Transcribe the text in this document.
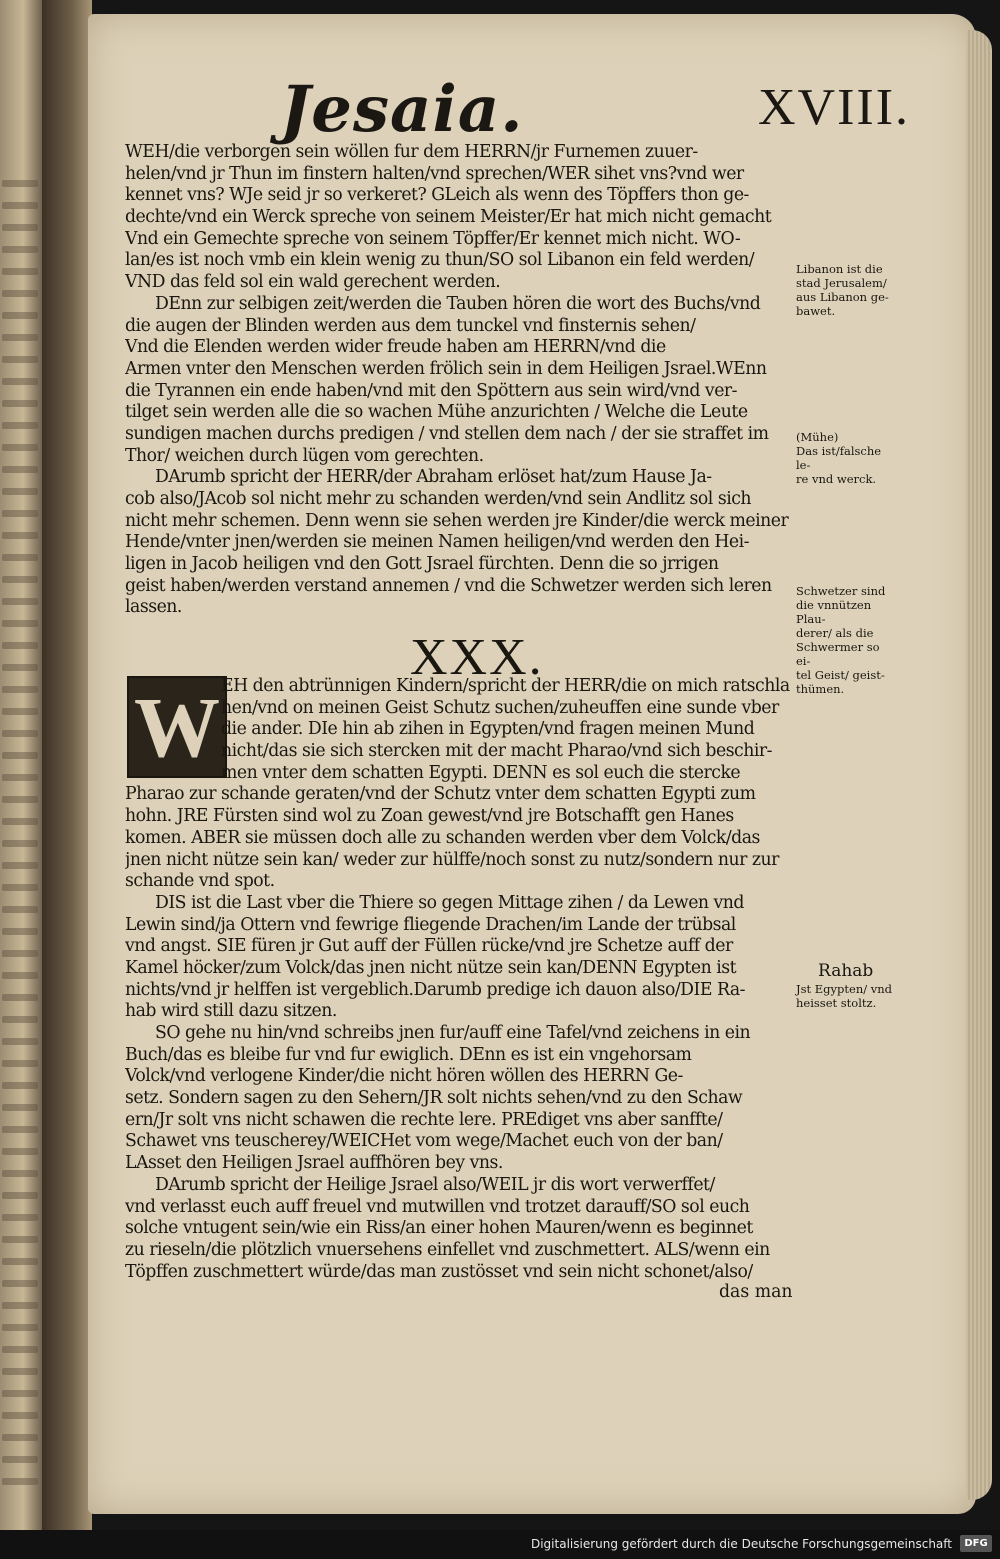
Jesaia.	XVIII.
WEH/die verborgen sein wöllen fur dem HERRN/jr Furnemen zuuer-
helen/vnd jr Thun im finstern halten/vnd sprechen/WER sihet vns?vnd wer
kennet vns? WJe seid jr so verkeret? GLeich als wenn des Töpffers thon ge-
dechte/vnd ein Werck spreche von seinem Meister/Er hat mich nicht gemacht
Vnd ein Gemechte spreche von seinem Töpffer/Er kennet mich nicht. WO-
lan/es ist noch vmb ein klein wenig zu thun/SO sol Libanon ein feld werden/
VND das feld sol ein wald gerechent werden.
DEnn zur selbigen zeit/werden die Tauben hören die wort des Buchs/vnd
die augen der Blinden werden aus dem tunckel vnd finsternis sehen/
Vnd die Elenden werden wider freude haben am HERRN/vnd die
Armen vnter den Menschen werden frölich sein in dem Heiligen Jsrael.WEnn
die Tyrannen ein ende haben/vnd mit den Spöttern aus sein wird/vnd ver-
tilget sein werden alle die so wachen Mühe anzurichten / Welche die Leute
sundigen machen durchs predigen / vnd stellen dem nach / der sie straffet im
Thor/ weichen durch lügen vom gerechten.
DArumb spricht der HERR/der Abraham erlöset hat/zum Hause Ja-
cob also/JAcob sol nicht mehr zu schanden werden/vnd sein Andlitz sol sich
nicht mehr schemen. Denn wenn sie sehen werden jre Kinder/die werck meiner
Hende/vnter jnen/werden sie meinen Namen heiligen/vnd werden den Hei-
ligen in Jacob heiligen vnd den Gott Jsrael fürchten. Denn die so jrrigen
geist haben/werden verstand annemen / vnd die Schwetzer werden sich leren
lassen.
XXX.
W EH den abtrünnigen Kindern/spricht der HERR/die on mich ratschla
hen/vnd on meinen Geist Schutz suchen/zuheuffen eine sunde vber
die ander. DIe hin ab zihen in Egypten/vnd fragen meinen Mund
nicht/das sie sich stercken mit der macht Pharao/vnd sich beschir-
men vnter dem schatten Egypti. DENN es sol euch die stercke
Pharao zur schande geraten/vnd der Schutz vnter dem schatten Egypti zum
hohn. JRE Fürsten sind wol zu Zoan gewest/vnd jre Botschafft gen Hanes
komen. ABER sie müssen doch alle zu schanden werden vber dem Volck/das
jnen nicht nütze sein kan/ weder zur hülffe/noch sonst zu nutz/sondern nur zur
schande vnd spot.
DIS ist die Last vber die Thiere so gegen Mittage zihen / da Lewen vnd
Lewin sind/ja Ottern vnd fewrige fliegende Drachen/im Lande der trübsal
vnd angst. SIE füren jr Gut auff der Füllen rücke/vnd jre Schetze auff der
Kamel höcker/zum Volck/das jnen nicht nütze sein kan/DENN Egypten ist
nichts/vnd jr helffen ist vergeblich.Darumb predige ich dauon also/DIE Ra-
hab wird still dazu sitzen.
SO gehe nu hin/vnd schreibs jnen fur/auff eine Tafel/vnd zeichens in ein
Buch/das es bleibe fur vnd fur ewiglich. DEnn es ist ein vngehorsam
Volck/vnd verlogene Kinder/die nicht hören wöllen des HERRN Ge-
setz. Sondern sagen zu den Sehern/JR solt nichts sehen/vnd zu den Schaw
ern/Jr solt vns nicht schawen die rechte lere. PREdiget vns aber sanffte/
Schawet vns teuscherey/WEICHet vom wege/Machet euch von der ban/
LAsset den Heiligen Jsrael auffhören bey vns.
DArumb spricht der Heilige Jsrael also/WEIL jr dis wort verwerffet/
vnd verlasst euch auff freuel vnd mutwillen vnd trotzet darauff/SO sol euch
solche vntugent sein/wie ein Riss/an einer hohen Mauren/wenn es beginnet
zu rieseln/die plötzlich vnuersehens einfellet vnd zuschmettert. ALS/wenn ein
Töpffen zuschmettert würde/das man zustösset vnd sein nicht schonet/also/
Libanon ist die
stad Jerusalem/
aus Libanon ge-
bawet.
(Mühe)
Das ist/falsche le-
re vnd werck.
Schwetzer sind
die vnnützen Plau-
derer/ als die
Schwermer so ei-
tel Geist/ geist-
thümen.
Rahab
Jst Egypten/ vnd
heisset stoltz.
das man
Digitalisierung gefördert durch die Deutsche Forschungsgemeinschaft	DFG
